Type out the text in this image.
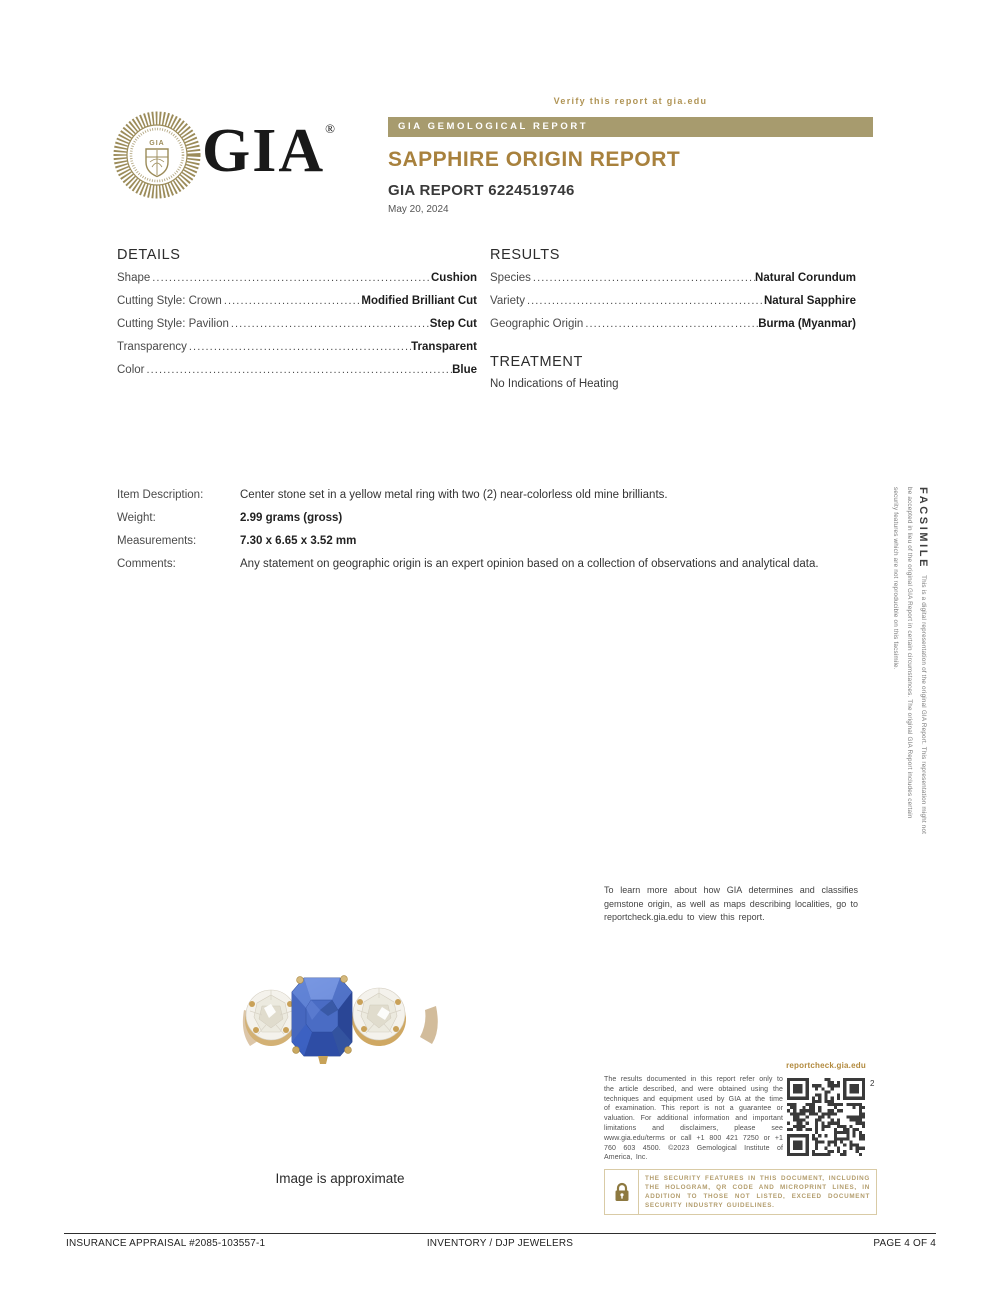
GIA GIA®
Verify this report at gia.edu
GIA GEMOLOGICAL REPORT
SAPPHIRE ORIGIN REPORT
GIA REPORT 6224519746
May 20, 2024
DETAILS
Shape .....	Cushion
Cutting Style: Crown .....	Modified Brilliant Cut
Cutting Style: Pavilion .....	Step Cut
Transparency .....	Transparent
Color .....	Blue
RESULTS
Species .....	Natural Corundum
Variety .....	Natural Sapphire
Geographic Origin .....	Burma (Myanmar)
TREATMENT
No Indications of Heating
Item Description:	Center stone set in a yellow metal ring with two (2) near-colorless old mine brilliants.
Weight:	2.99 grams (gross)
Measurements:	7.30 x 6.65 x 3.52 mm
Comments:	Any statement on geographic origin is an expert opinion based on a collection of observations and analytical data.	FACSIMILEThis is a digital representation of the original GIA Report. This representation might not be accepted in lieu of the original GIA Report in certain circumstances. The original GIA Report includes certain security features which are not reproducible on this facsimile.
To learn more about how GIA determines and classifies gemstone origin, as well as maps describing localities, go to reportcheck.gia.edu to view this report.
Image is approximate
The results documented in this report refer only to the article described, and were obtained using the techniques and equipment used by GIA at the time of examination. This report is not a guarantee or valuation. For additional information and important limitations and disclaimers, please see www.gia.edu/terms or call +1 800 421 7250 or +1 760 603 4500. ©2023 Gemological Institute of America, Inc.
reportcheck.gia.edu
2
THE SECURITY FEATURES IN THIS DOCUMENT, INCLUDING THE HOLOGRAM, QR CODE AND MICROPRINT LINES, IN ADDITION TO THOSE NOT LISTED, EXCEED DOCUMENT SECURITY INDUSTRY GUIDELINES.
INSURANCE APPRAISAL #2085-103557-1	INVENTORY / DJP JEWELERS	PAGE 4 OF 4
